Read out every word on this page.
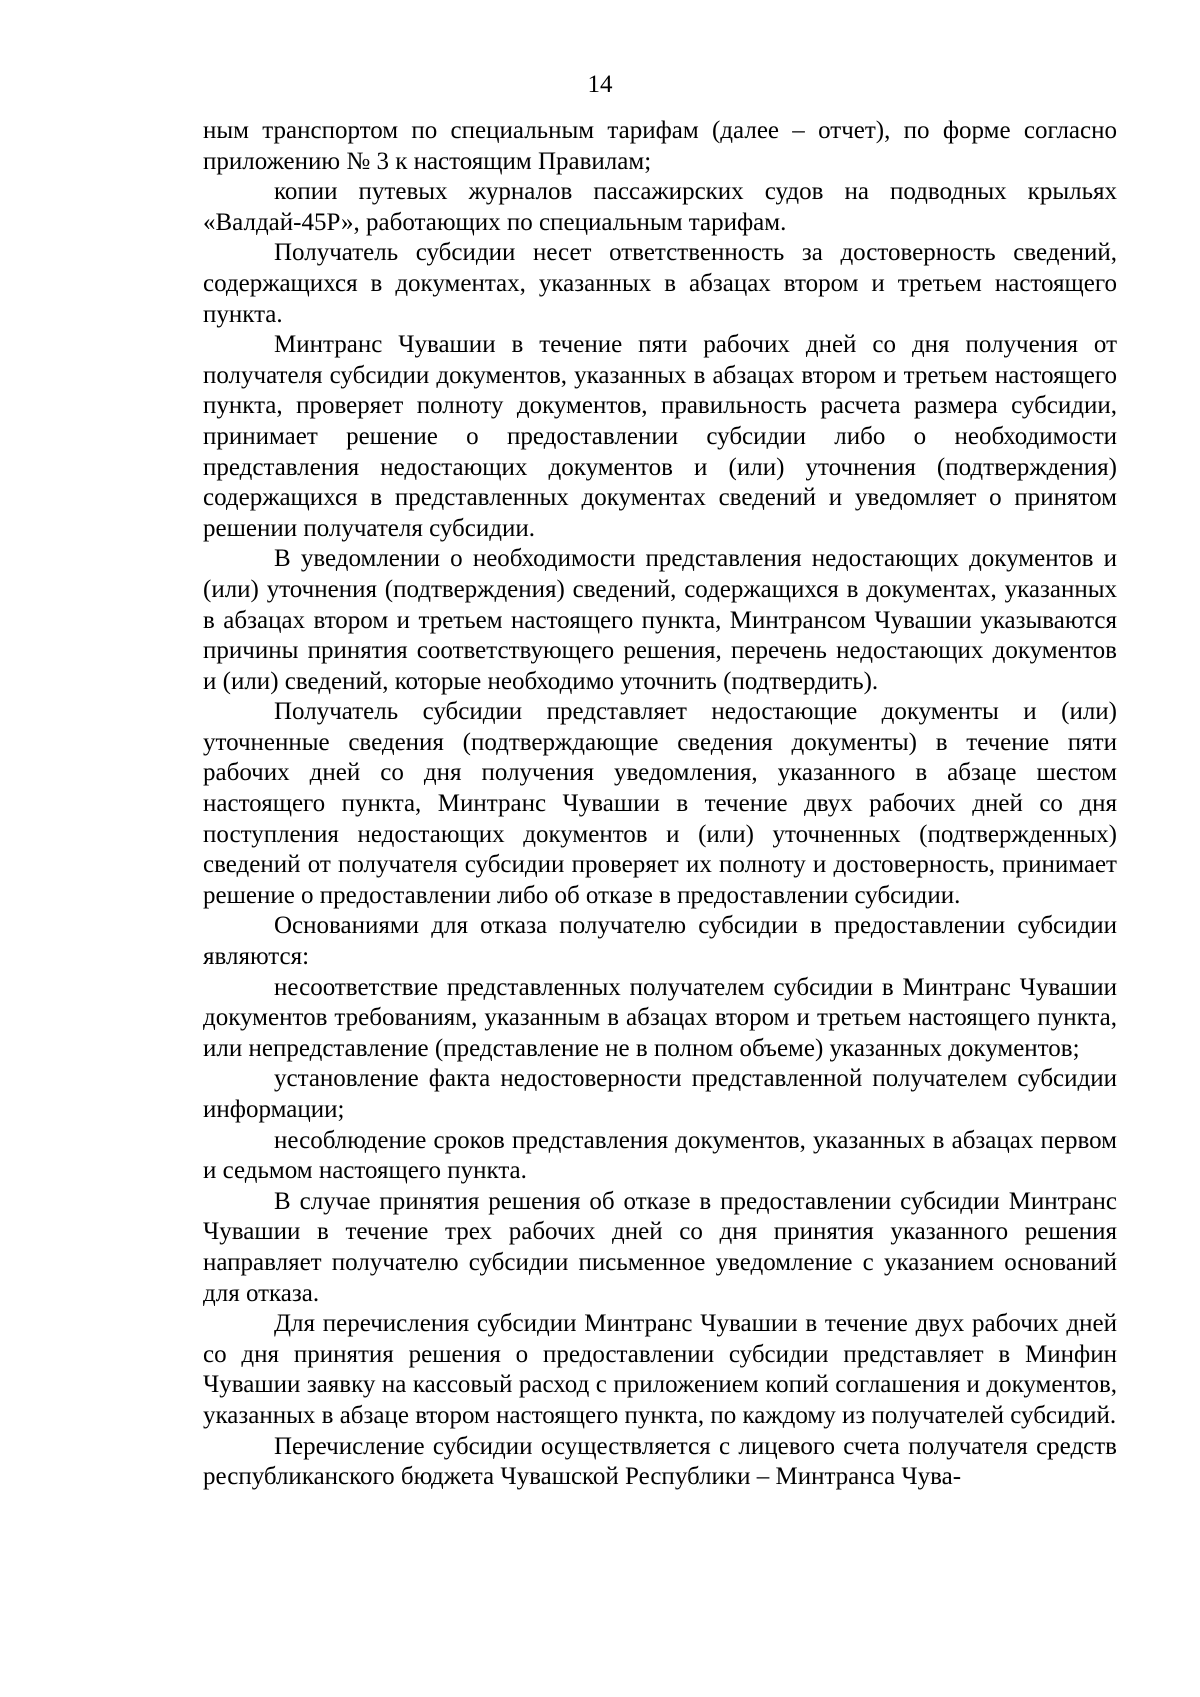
14

ным транспортом по специальным тарифам (далее – отчет), по форме согласно приложению № 3 к настоящим Правилам;

копии путевых журналов пассажирских судов на подводных крыльях «Валдай-45Р», работающих по специальным тарифам.

Получатель субсидии несет ответственность за достоверность сведений, содержащихся в документах, указанных в абзацах втором и третьем настоящего пункта.

Минтранс Чувашии в течение пяти рабочих дней со дня получения от получателя субсидии документов, указанных в абзацах втором и третьем настоящего пункта, проверяет полноту документов, правильность расчета размера субсидии, принимает решение о предоставлении субсидии либо о необходимости представления недостающих документов и (или) уточнения (подтверждения) содержащихся в представленных документах сведений и уведомляет о принятом решении получателя субсидии.

В уведомлении о необходимости представления недостающих документов и (или) уточнения (подтверждения) сведений, содержащихся в документах, указанных в абзацах втором и третьем настоящего пункта, Минтрансом Чувашии указываются причины принятия соответствующего решения, перечень недостающих документов и (или) сведений, которые необходимо уточнить (подтвердить).

Получатель субсидии представляет недостающие документы и (или) уточненные сведения (подтверждающие сведения документы) в течение пяти рабочих дней со дня получения уведомления, указанного в абзаце шестом настоящего пункта, Минтранс Чувашии в течение двух рабочих дней со дня поступления недостающих документов и (или) уточненных (подтвержденных) сведений от получателя субсидии проверяет их полноту и достоверность, принимает решение о предоставлении либо об отказе в предоставлении субсидии.

Основаниями для отказа получателю субсидии в предоставлении субсидии являются:

несоответствие представленных получателем субсидии в Минтранс Чувашии документов требованиям, указанным в абзацах втором и третьем настоящего пункта, или непредставление (представление не в полном объеме) указанных документов;

установление факта недостоверности представленной получателем субсидии информации;

несоблюдение сроков представления документов, указанных в абзацах первом и седьмом настоящего пункта.

В случае принятия решения об отказе в предоставлении субсидии Минтранс Чувашии в течение трех рабочих дней со дня принятия указанного решения направляет получателю субсидии письменное уведомление с указанием оснований для отказа.

Для перечисления субсидии Минтранс Чувашии в течение двух рабочих дней со дня принятия решения о предоставлении субсидии представляет в Минфин Чувашии заявку на кассовый расход с приложением копий соглашения и документов, указанных в абзаце втором настоящего пункта, по каждому из получателей субсидий.

Перечисление субсидии осуществляется с лицевого счета получателя средств республиканского бюджета Чувашской Республики – Минтранса Чува-
